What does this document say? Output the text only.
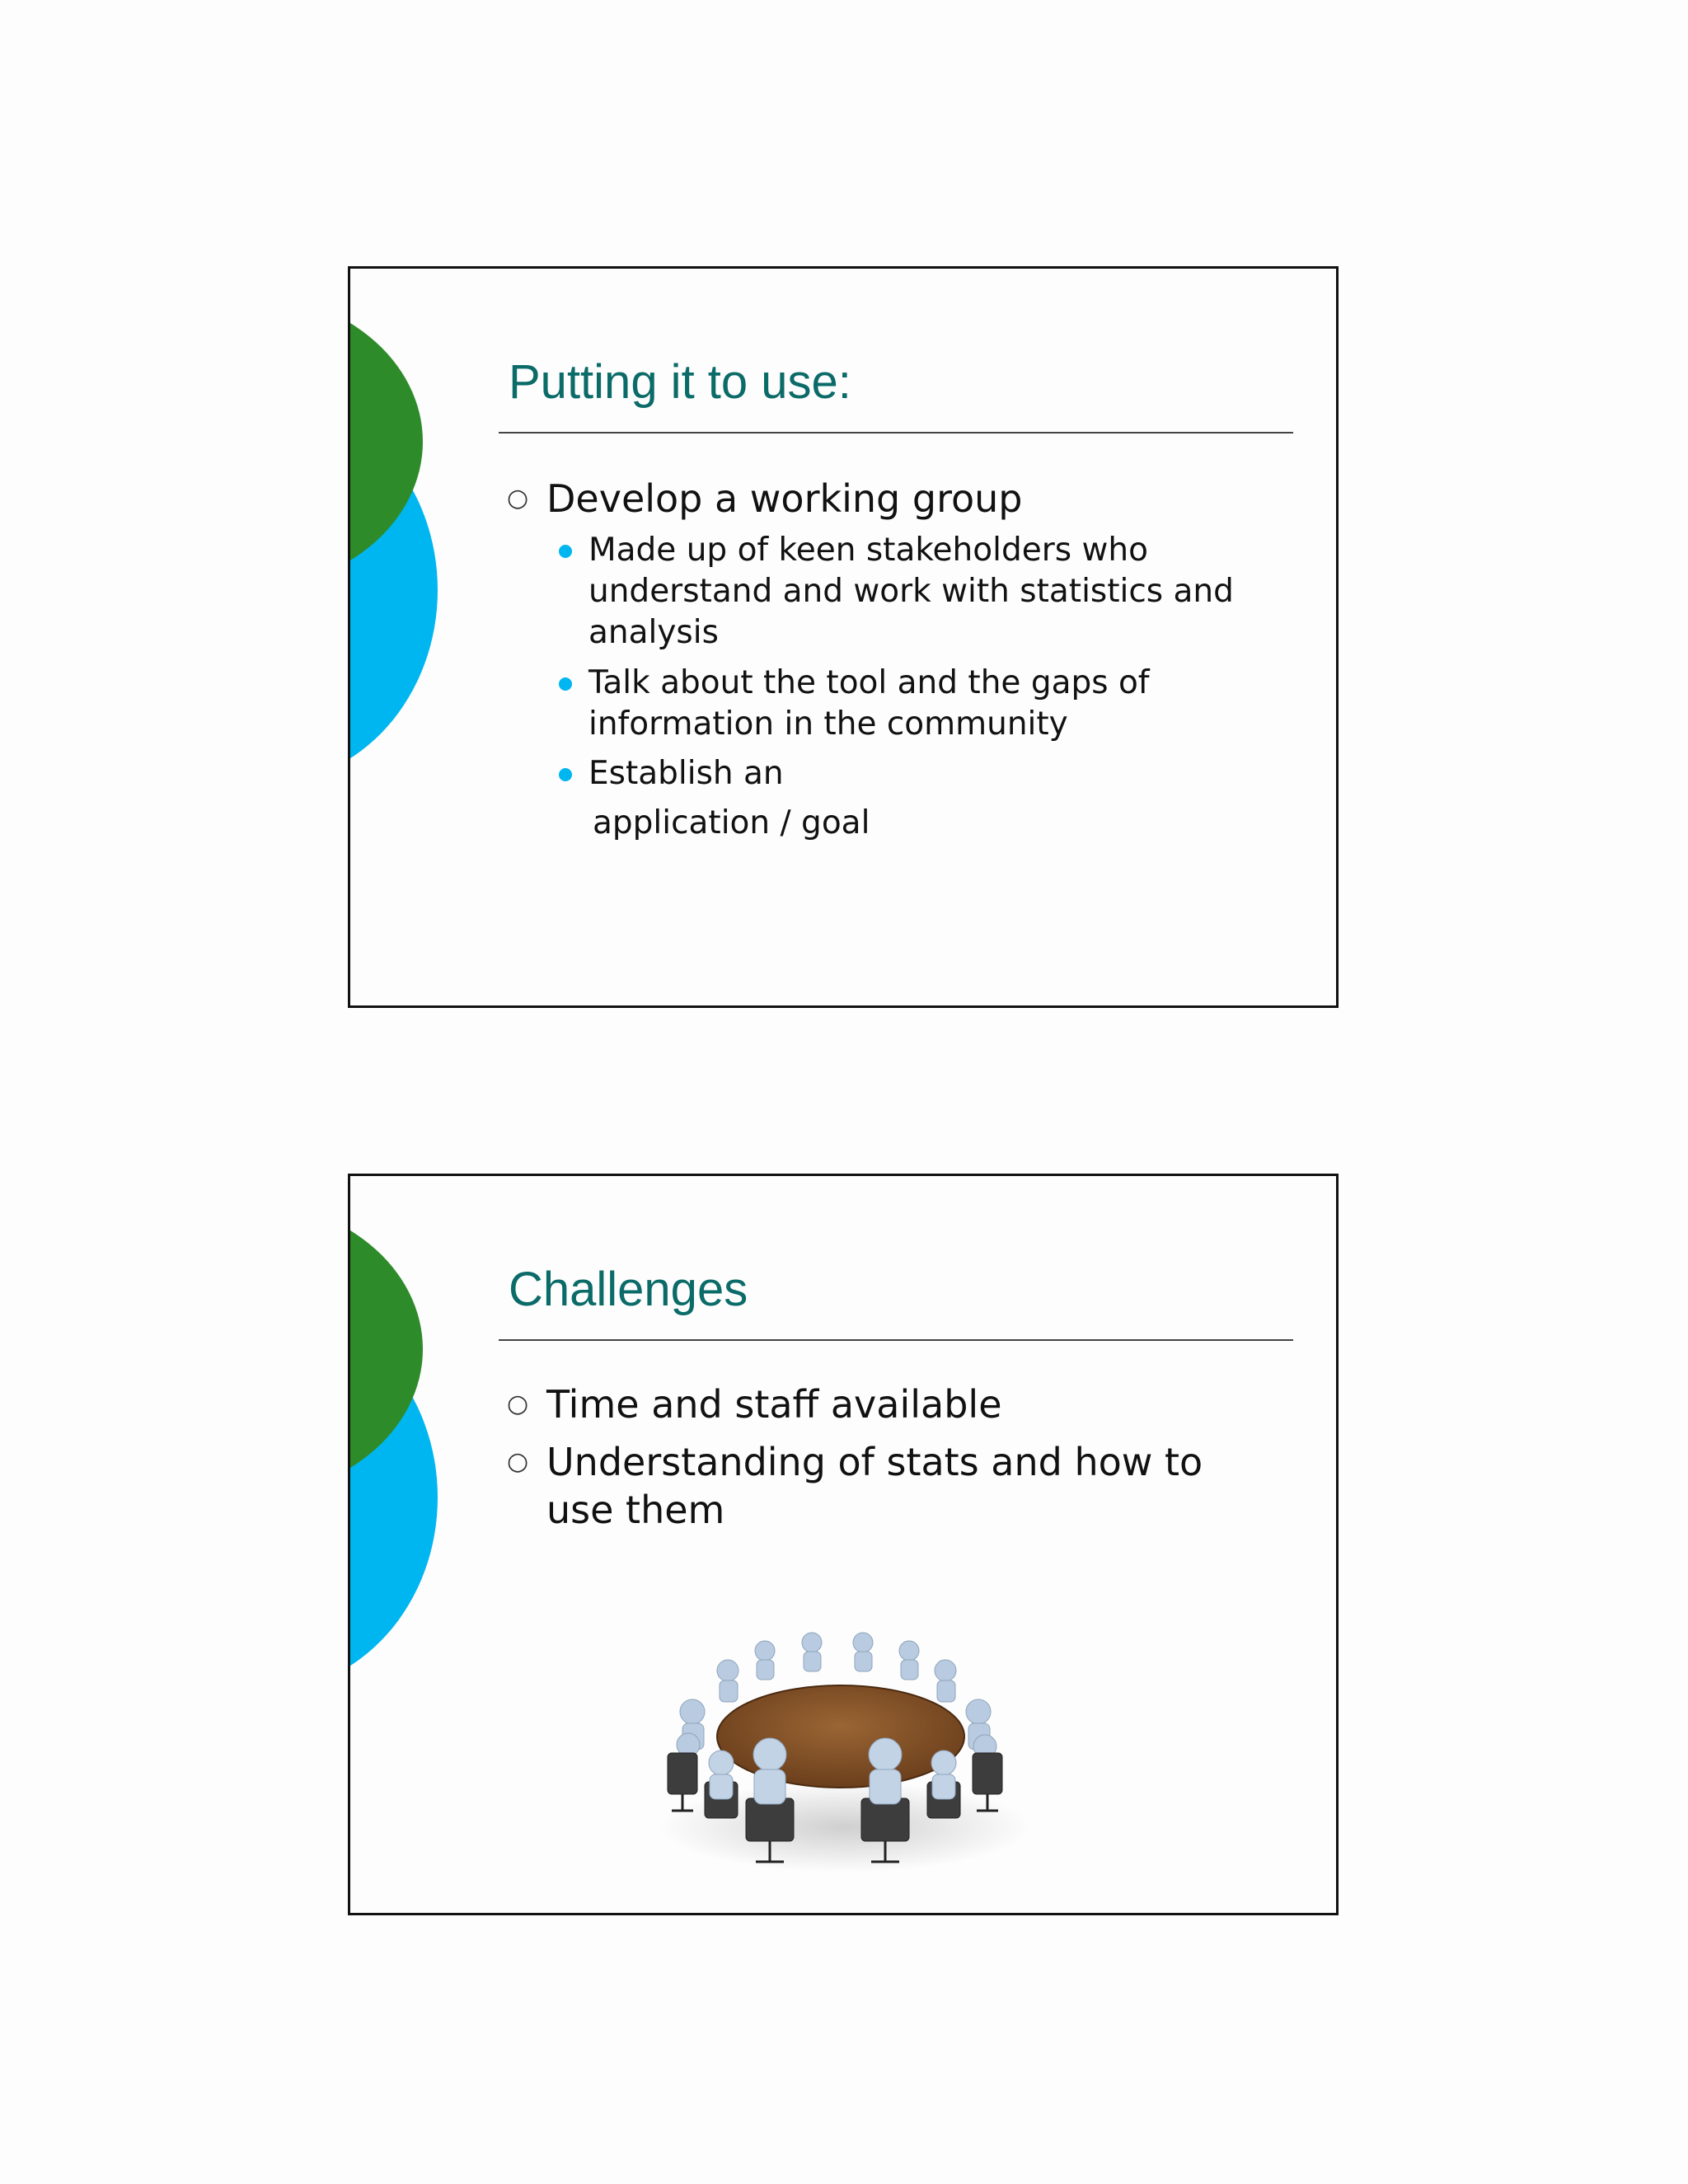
Putting it to use:
○ Develop a working group
Made up of keen stakeholders who understand and work with statistics and analysis
Talk about the tool and the gaps of information in the community
Establish an
application / goal
Challenges
○ Time and staff available
○ Understanding of stats and how to use them
